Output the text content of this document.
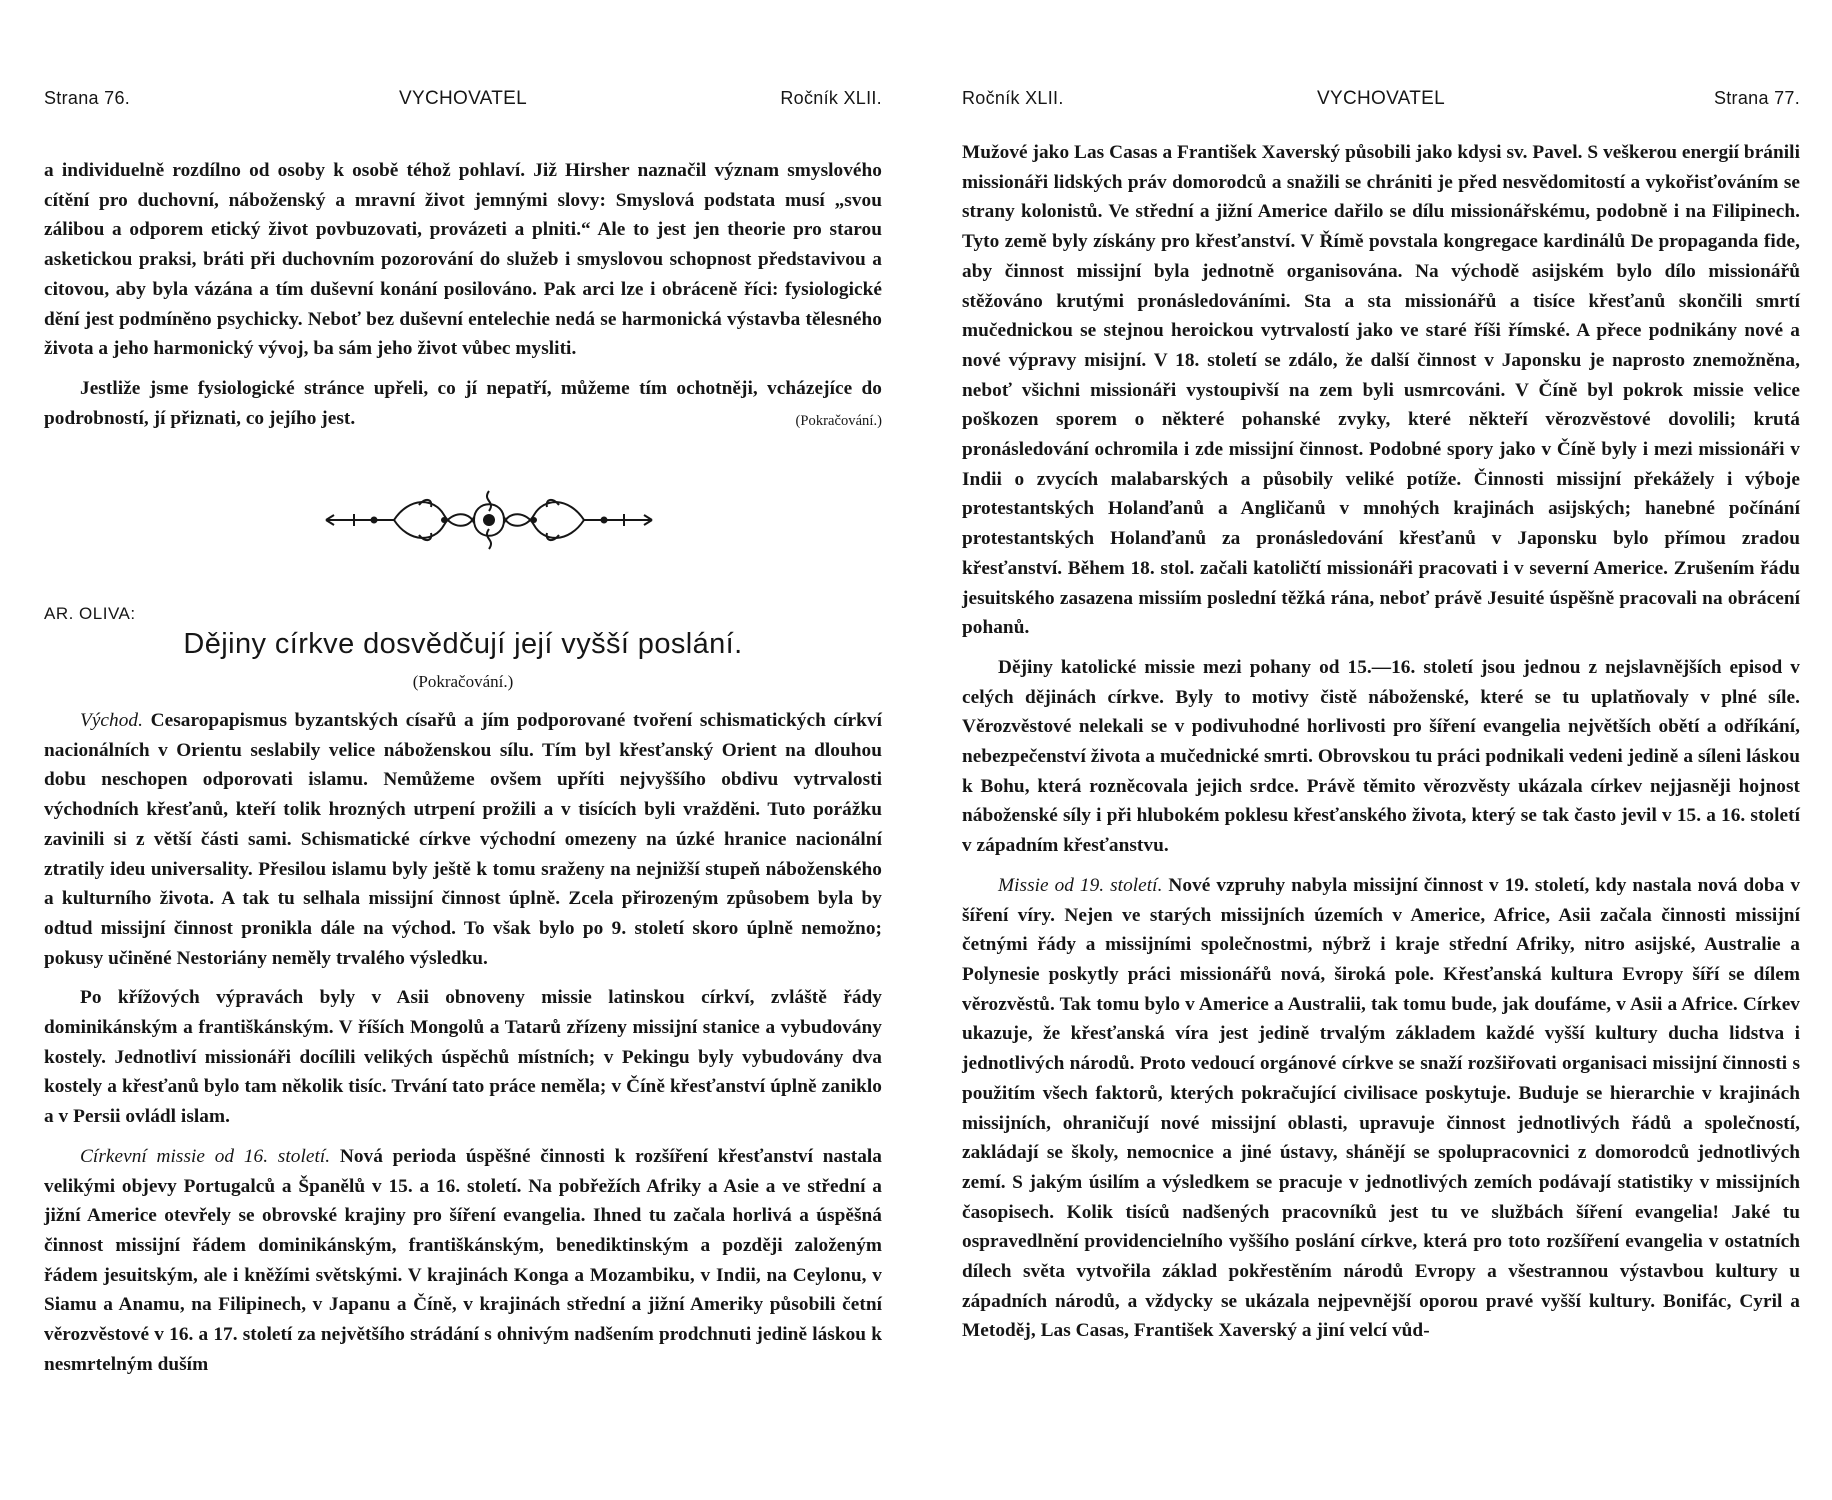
Strana 76.	VYCHOVATEL	Ročník XLII.

a individuelně rozdílno od osoby k osobě téhož pohlaví. Již Hirsher naznačil význam smyslového cítění pro duchovní, náboženský a mravní život jemnými slovy: Smyslová podstata musí „svou zálibou a odporem etický život povbuzovati, provázeti a plniti.“ Ale to jest jen theorie pro starou asketickou praksi, bráti při duchovním pozorování do služeb i smyslovou schopnost představivou a citovou, aby byla vázána a tím duševní konání posilováno. Pak arci lze i obráceně říci: fysiologické dění jest podmíněno psychicky. Neboť bez duševní entelechie nedá se harmonická výstavba tělesného života a jeho harmonický vývoj, ba sám jeho život vůbec mysliti.

Jestliže jsme fysiologické stránce upřeli, co jí nepatří, můžeme tím ochotněji, vcházejíce do podrobností, jí přiznati, co jejího jest.	(Pokračování.)

AR. OLIVA:
Dějiny církve dosvědčují její vyšší poslání.
(Pokračování.)

Východ. Cesaropapismus byzantských císařů a jím podporované tvoření schismatických církví nacionálních v Orientu seslabily velice náboženskou sílu. Tím byl křesťanský Orient na dlouhou dobu neschopen odporovati islamu. Nemůžeme ovšem upříti nejvyššího obdivu vytrvalosti východních křesťanů, kteří tolik hrozných utrpení prožili a v tisících byli vražděni. Tuto porážku zavinili si z větší části sami. Schismatické církve východní omezeny na úzké hranice nacionální ztratily ideu universality. Přesilou islamu byly ještě k tomu sraženy na nejnižší stupeň náboženského a kulturního života. A tak tu selhala missijní činnost úplně. Zcela přirozeným způsobem byla by odtud missijní činnost pronikla dále na východ. To však bylo po 9. století skoro úplně nemožno; pokusy učiněné Nestoriány neměly trvalého výsledku.

Po křížových výpravách byly v Asii obnoveny missie latinskou církví, zvláště řády dominikánským a františkánským. V říších Mongolů a Tatarů zřízeny missijní stanice a vybudovány kostely. Jednotliví missionáři docílili velikých úspěchů místních; v Pekingu byly vybudovány dva kostely a křesťanů bylo tam několik tisíc. Trvání tato práce neměla; v Číně křesťanství úplně zaniklo a v Persii ovládl islam.

Církevní missie od 16. století. Nová perioda úspěšné činnosti k rozšíření křesťanství nastala velikými objevy Portugalců a Španělů v 15. a 16. století. Na pobřežích Afriky a Asie a ve střední a jižní Americe otevřely se obrovské krajiny pro šíření evangelia. Ihned tu začala horlivá a úspěšná činnost missijní řádem dominikánským, františkánským, benediktinským a později založeným řádem jesuitským, ale i kněžími světskými. V krajinách Konga a Mozambiku, v Indii, na Ceylonu, v Siamu a Anamu, na Filipinech, v Japanu a Číně, v krajinách střední a jižní Ameriky působili četní věrozvěstové v 16. a 17. století za největšího strádání s ohnivým nadšením prodchnuti jedině láskou k nesmrtelným duším

Ročník XLII.	VYCHOVATEL	Strana 77.

Mužové jako Las Casas a František Xaverský působili jako kdysi sv. Pavel. S veškerou energií bránili missionáři lidských práv domorodců a snažili se chrániti je před nesvědomitostí a vykořisťováním se strany kolonistů. Ve střední a jižní Americe dařilo se dílu missionářskému, podobně i na Filipinech. Tyto země byly získány pro křesťanství. V Římě povstala kongregace kardinálů De propaganda fide, aby činnost missijní byla jednotně organisována. Na východě asijském bylo dílo missionářů stěžováno krutými pronásledováními. Sta a sta missionářů a tisíce křesťanů skončili smrtí mučednickou se stejnou heroickou vytrvalostí jako ve staré říši římské. A přece podnikány nové a nové výpravy misijní. V 18. století se zdálo, že další činnost v Japonsku je naprosto znemožněna, neboť všichni missionáři vystoupivší na zem byli usmrcováni. V Číně byl pokrok missie velice poškozen sporem o některé pohanské zvyky, které někteří věrozvěstové dovolili; krutá pronásledování ochromila i zde missijní činnost. Podobné spory jako v Číně byly i mezi missionáři v Indii o zvycích malabarských a působily veliké potíže. Činnosti missijní překážely i výboje protestantských Holanďanů a Angličanů v mnohých krajinách asijských; hanebné počínání protestantských Holanďanů za pronásledování křesťanů v Japonsku bylo přímou zradou křesťanství. Během 18. stol. začali katoličtí missionáři pracovati i v severní Americe. Zrušením řádu jesuitského zasazena missiím poslední těžká rána, neboť právě Jesuité úspěšně pracovali na obrácení pohanů.

Dějiny katolické missie mezi pohany od 15.—16. století jsou jednou z nejslavnějších episod v celých dějinách církve. Byly to motivy čistě náboženské, které se tu uplatňovaly v plné síle. Věrozvěstové nelekali se v podivuhodné horlivosti pro šíření evangelia největších obětí a odříkání, nebezpečenství života a mučednické smrti. Obrovskou tu práci podnikali vedeni jedině a síleni láskou k Bohu, která rozněcovala jejich srdce. Právě těmito věrozvěsty ukázala církev nejjasněji hojnost náboženské síly i při hlubokém poklesu křesťanského života, který se tak často jevil v 15. a 16. století v západním křesťanstvu.

Missie od 19. století. Nové vzpruhy nabyla missijní činnost v 19. století, kdy nastala nová doba v šíření víry. Nejen ve starých missijních územích v Americe, Africe, Asii začala činnosti missijní četnými řády a missijními společnostmi, nýbrž i kraje střední Afriky, nitro asijské, Australie a Polynesie poskytly práci missionářů nová, široká pole. Křesťanská kultura Evropy šíří se dílem věrozvěstů. Tak tomu bylo v Americe a Australii, tak tomu bude, jak doufáme, v Asii a Africe. Církev ukazuje, že křesťanská víra jest jedině trvalým základem každé vyšší kultury ducha lidstva i jednotlivých národů. Proto vedoucí orgánové církve se snaží rozšiřovati organisaci missijní činnosti s použitím všech faktorů, kterých pokračující civilisace poskytuje. Buduje se hierarchie v krajinách missijních, ohraničují nové missijní oblasti, upravuje činnost jednotlivých řádů a společností, zakládají se školy, nemocnice a jiné ústavy, shánějí se spolupracovnici z domorodců jednotlivých zemí. S jakým úsilím a výsledkem se pracuje v jednotlivých zemích podávají statistiky v missijních časopisech. Kolik tisíců nadšených pracovníků jest tu ve službách šíření evangelia! Jaké tu ospravedlnění providencielního vyššího poslání církve, která pro toto rozšíření evangelia v ostatních dílech světa vytvořila základ pokřestěním národů Evropy a všestrannou výstavbou kultury u západních národů, a vždycky se ukázala nejpevnější oporou pravé vyšší kultury. Bonifác, Cyril a Metoděj, Las Casas, František Xaverský a jiní velcí vůd-
